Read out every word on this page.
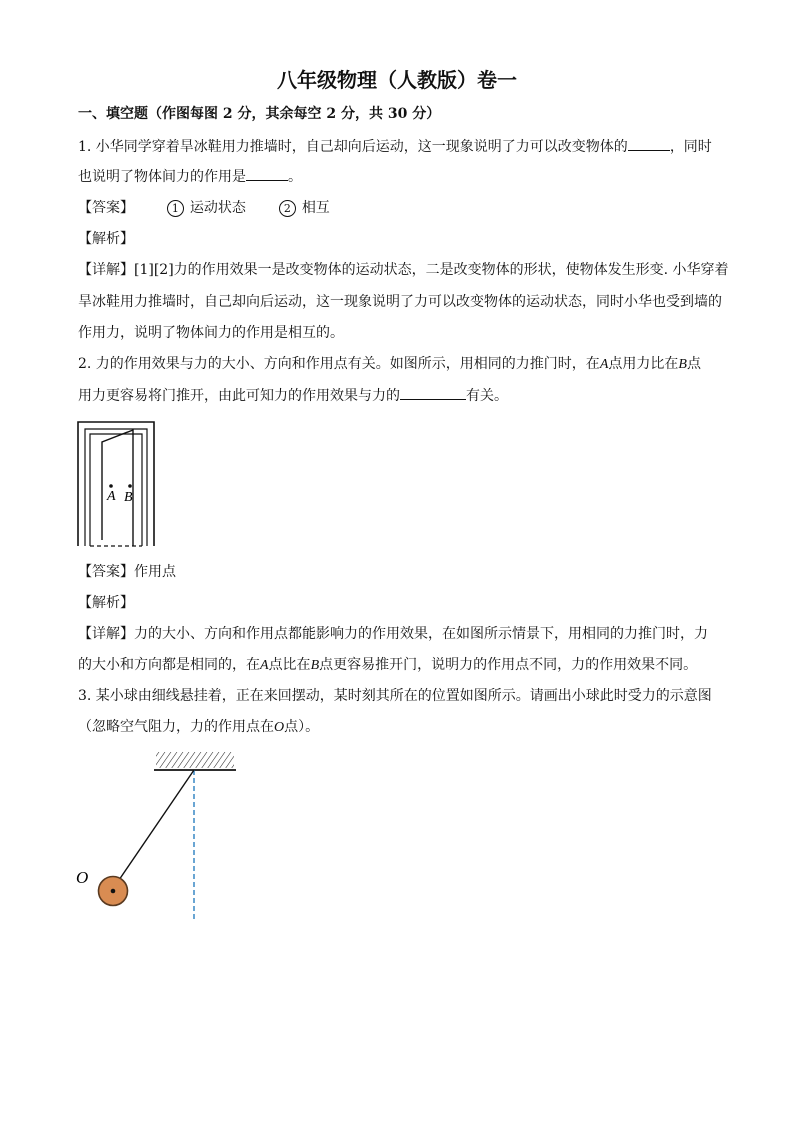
八年级物理（人教版）卷一
一、填空题（作图每图 2 分，其余每空 2 分，共 30 分）
1. 小华同学穿着旱冰鞋用力推墙时，自己却向后运动，这一现象说明了力可以改变物体的	，同时
也说明了物体间力的作用是	。
【答案】	1 运动状态	2 相互
【解析】
【详解】[1][2]力的作用效果一是改变物体的运动状态，二是改变物体的形状，使物体发生形变. 小华穿着
旱冰鞋用力推墙时，自己却向后运动，这一现象说明了力可以改变物体的运动状态，同时小华也受到墙的
作用力，说明了物体间力的作用是相互的。
2. 力的作用效果与力的大小、方向和作用点有关。如图所示，用相同的力推门时，在A点用力比在B点
用力更容易将门推开，由此可知力的作用效果与力的	有关。
A B
【答案】作用点
【解析】
【详解】力的大小、方向和作用点都能影响力的作用效果，在如图所示情景下，用相同的力推门时，力
的大小和方向都是相同的，在A点比在B点更容易推开门，说明力的作用点不同，力的作用效果不同。
3. 某小球由细线悬挂着，正在来回摆动，某时刻其所在的位置如图所示。请画出小球此时受力的示意图
（忽略空气阻力，力的作用点在O点）。
O
